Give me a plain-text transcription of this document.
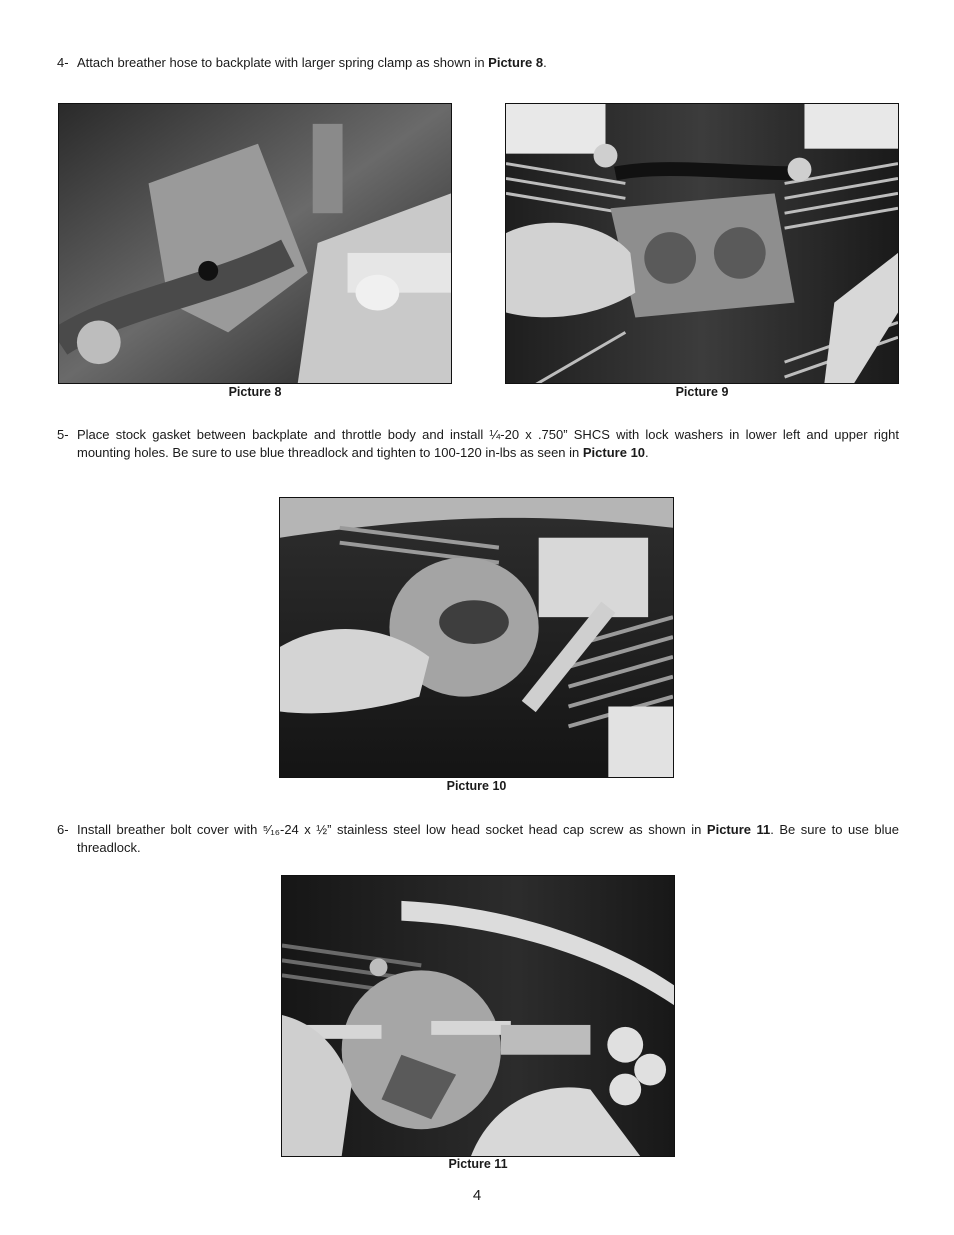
4- Attach breather hose to backplate with larger spring clamp as shown in Picture 8.
Picture 8	Picture 9
5- Place stock gasket between backplate and throttle body and install ¼-20 x .750” SHCS with lock washers in lower left and upper right mounting holes. Be sure to use blue threadlock and tighten to 100-120 in-lbs as seen in Picture 10.
Picture 10
6- Install breather bolt cover with ⁵⁄₁₆-24 x ½” stainless steel low head socket head cap screw as shown in Picture 11. Be sure to use blue threadlock.
Picture 11
4
